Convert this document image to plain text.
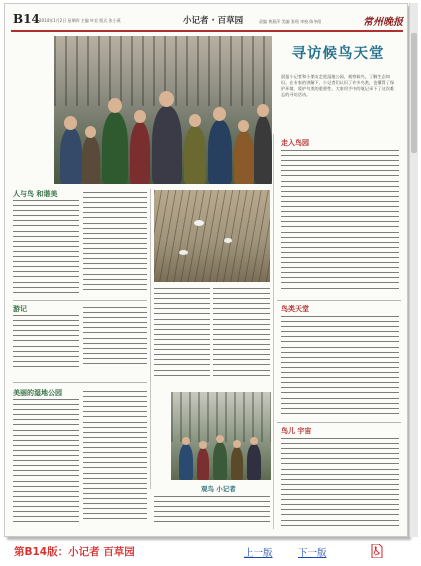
B14 2014年1月2日 星期四 主编 叶宏 版式 张小燕	小记者 · 百草园	责编 黄燕萍 美编 张瑶 审校 陈冬阳	常州晚报
寻访候鸟天堂
晨报小记者和小朋友走进湿地公园，观察候鸟，了解生态知识。在专家的讲解下，小记者们认识了许多鸟类，也懂得了保护环境、爱护鸟类的重要性。大家用手中的笔记录下了这次难忘的寻访活动。
人与鸟 和谐美
游记
美丽的湿地公园
观鸟 小记者
走入鸟园
鸟类天堂
鸟儿 宇宙
第B14版：小记者 百草园	上一版	下一版
